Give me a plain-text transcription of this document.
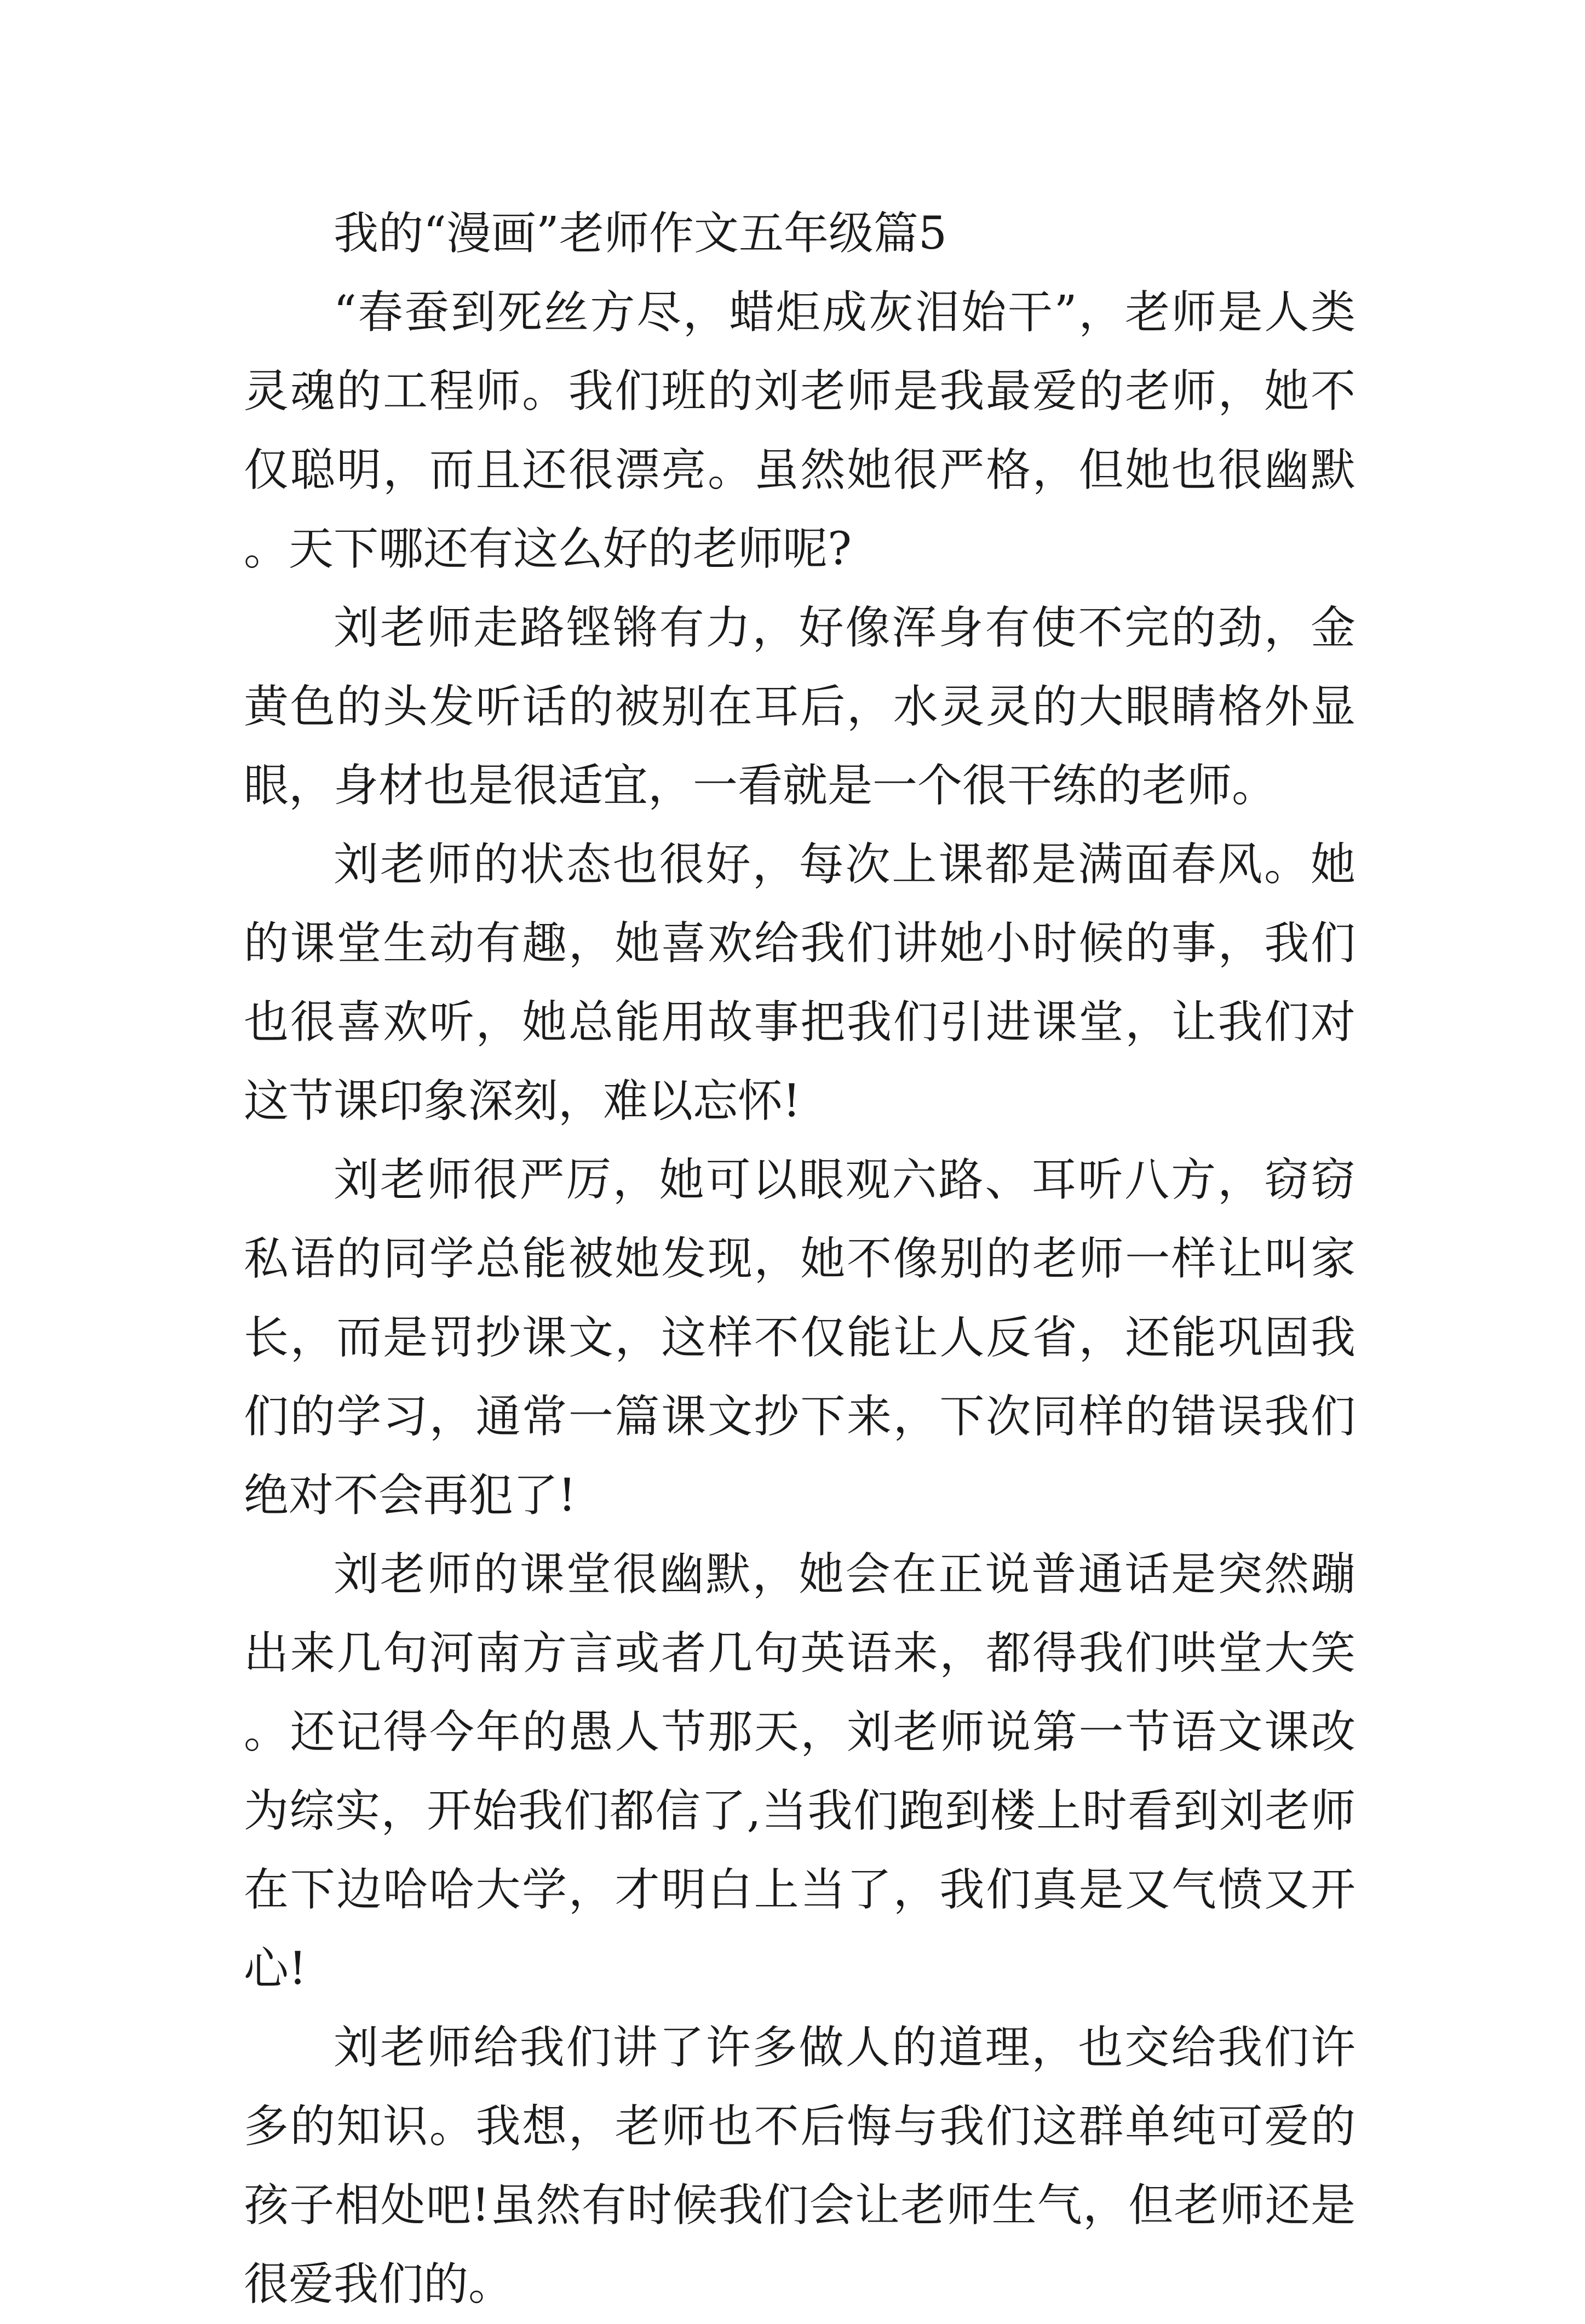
我的“漫画”老师作文五年级篇5

“春蚕到死丝方尽，蜡炬成灰泪始干”，老师是人类灵魂的工程师。我们班的刘老师是我最爱的老师，她不仅聪明，而且还很漂亮。虽然她很严格，但她也很幽默。天下哪还有这么好的老师呢?

刘老师走路铿锵有力，好像浑身有使不完的劲，金黄色的头发听话的被别在耳后，水灵灵的大眼睛格外显眼，身材也是很适宜，一看就是一个很干练的老师。

刘老师的状态也很好，每次上课都是满面春风。她的课堂生动有趣，她喜欢给我们讲她小时候的事，我们也很喜欢听，她总能用故事把我们引进课堂，让我们对这节课印象深刻，难以忘怀!

刘老师很严厉，她可以眼观六路、耳听八方，窃窃私语的同学总能被她发现，她不像别的老师一样让叫家长，而是罚抄课文，这样不仅能让人反省，还能巩固我们的学习，通常一篇课文抄下来，下次同样的错误我们绝对不会再犯了!

刘老师的课堂很幽默，她会在正说普通话是突然蹦出来几句河南方言或者几句英语来，都得我们哄堂大笑。还记得今年的愚人节那天，刘老师说第一节语文课改为综实，开始我们都信了,当我们跑到楼上时看到刘老师在下边哈哈大学，才明白上当了，我们真是又气愤又开心!

刘老师给我们讲了许多做人的道理，也交给我们许多的知识。我想，老师也不后悔与我们这群单纯可爱的孩子相处吧!虽然有时候我们会让老师生气，但老师还是很爱我们的。
